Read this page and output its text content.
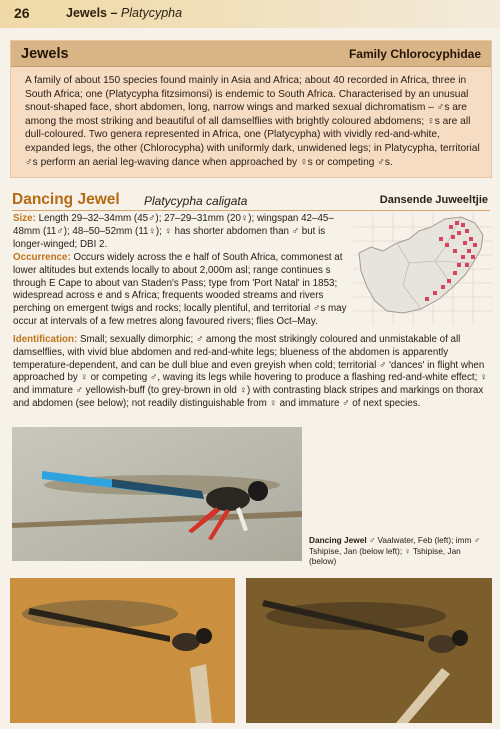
26	Jewels – Platycypha
Jewels	Family Chlorocyphidae

A family of about 150 species found mainly in Asia and Africa; about 40 recorded in Africa, three in South Africa; one (Platycypha fitzsimonsi) is endemic to South Africa. Characterised by an unusual snout-shaped face, short abdomen, long, narrow wings and marked sexual dichromatism – ♂s are among the most striking and beautiful of all damselflies with brightly coloured abdomens; ♀s are all dull-coloured. Two genera represented in Africa, one (Platycypha) with vividly red-and-white, expanded legs, the other (Chlorocypha) with uniformly dark, unwidened legs; in Platycypha, territorial ♂s perform an aerial leg-waving dance when approached by ♀s or competing ♂s.

Dancing Jewel Platycypha caligata	Dansende Juweeltjie
Size: Length 29–32–34mm (45♂); 27–29–31mm (20♀); wingspan 42–45–48mm (11♂); 48–50–52mm (11♀); ♀ has shorter abdomen than ♂ but is longer-winged; DBI 2.
Occurrence: Occurs widely across the e half of South Africa, commonest at lower altitudes but extends locally to about 2,000m asl; range continues s through E Cape to about van Staden's Pass; type from 'Port Natal' in 1853; widespread across e and s Africa; frequents wooded streams and rivers perching on emergent twigs and rocks; locally plentiful, and territorial ♂s may occur at intervals of a few metres along favoured rivers; flies Oct–May.
Identification: Small; sexually dimorphic; ♂ among the most strikingly coloured and unmistakable of all damselflies, with vivid blue abdomen and red-and-white legs; blueness of the abdomen is apparently temperature-dependent, and can be dull blue and even greyish when cold; territorial ♂ 'dances' in flight when approached by ♀ or competing ♂, waving its legs while hovering to produce a flashing red-and-white effect; ♀ and immature ♂ yellowish-buff (to grey-brown in old ♀) with contrasting black stripes and markings on thorax and abdomen (see below); not readily distinguishable from ♀ and immature ♂ of next species.
Dancing Jewel ♂ Vaalwater, Feb (left); imm ♂ Tshipise, Jan (below left); ♀ Tshipise, Jan (below)
